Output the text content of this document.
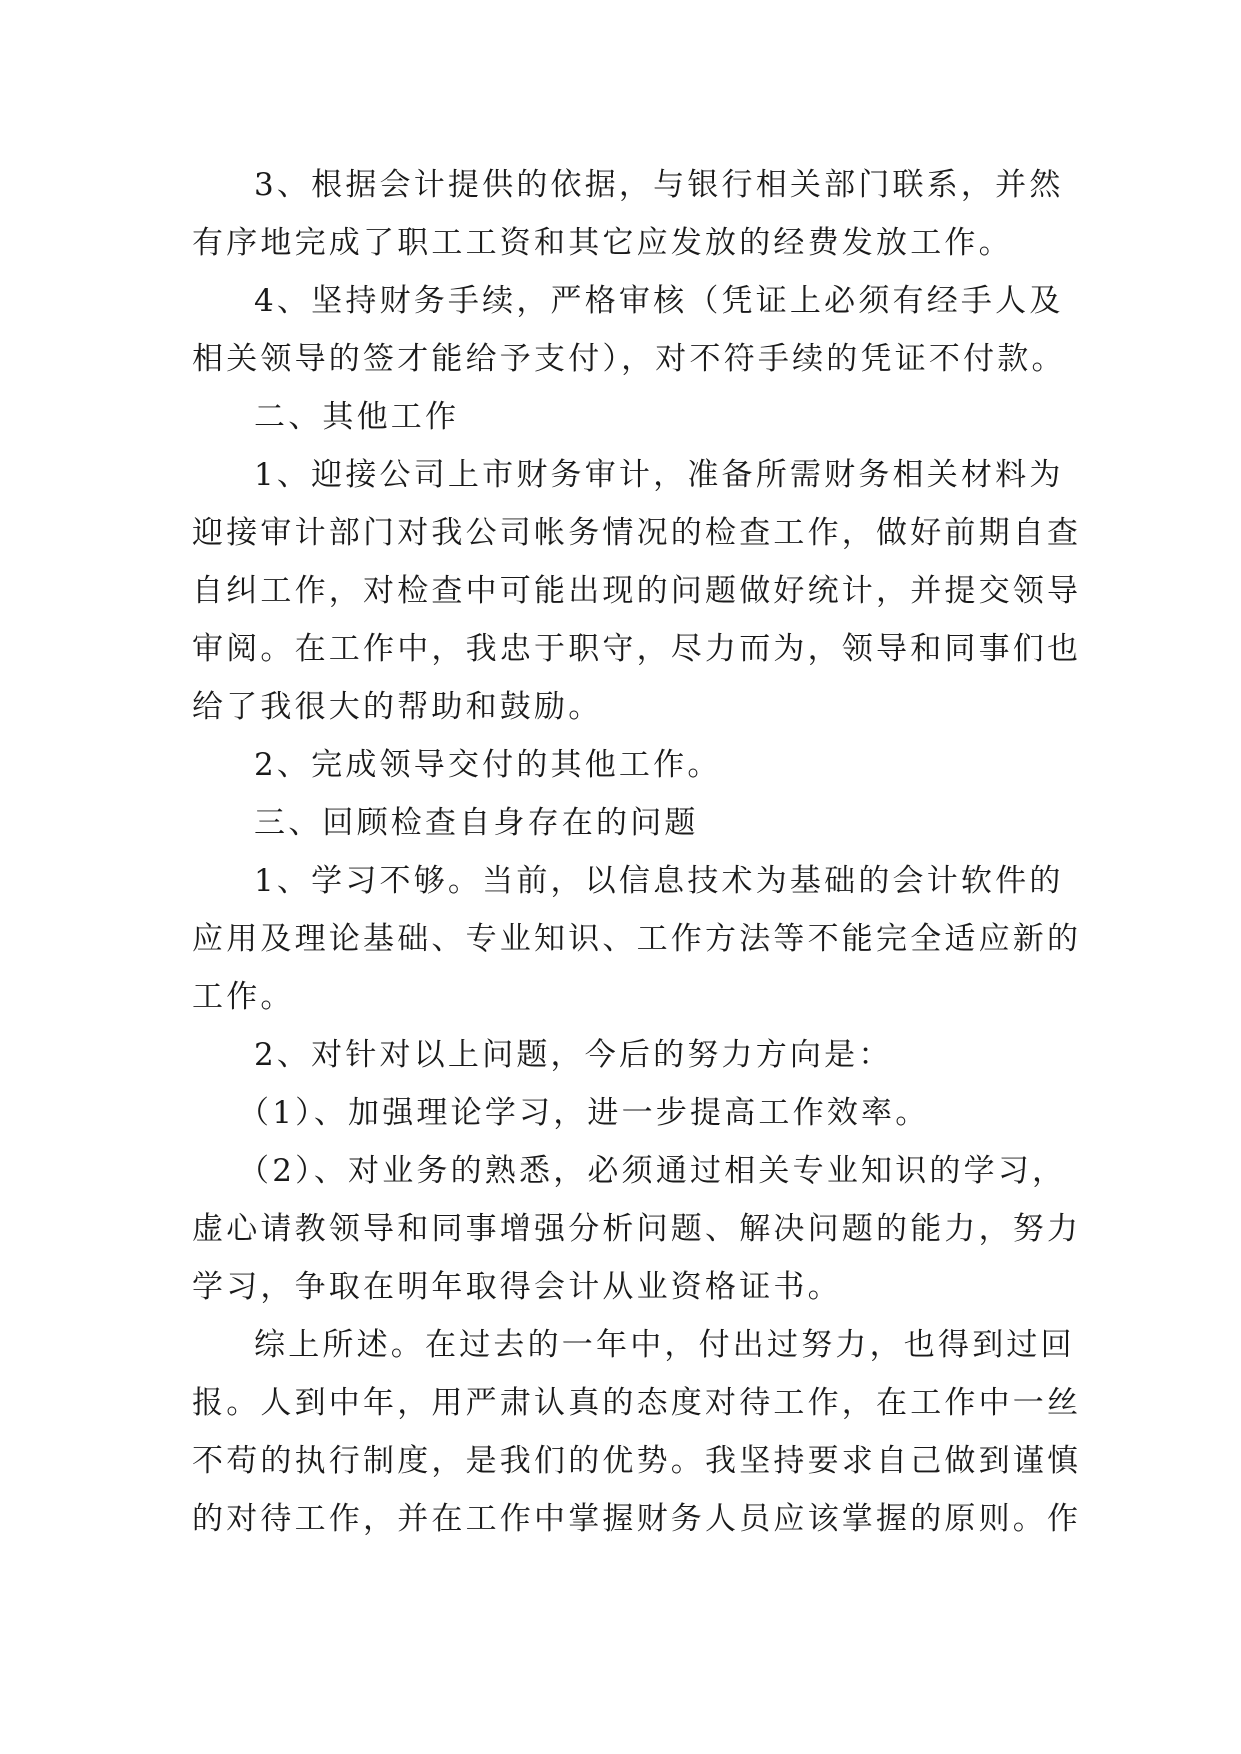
3、根据会计提供的依据，与银行相关部门联系，并然
有序地完成了职工工资和其它应发放的经费发放工作。
4、坚持财务手续，严格审核（凭证上必须有经手人及
相关领导的签才能给予支付），对不符手续的凭证不付款。
二、其他工作
1、迎接公司上市财务审计，准备所需财务相关材料为
迎接审计部门对我公司帐务情况的检查工作，做好前期自查
自纠工作，对检查中可能出现的问题做好统计，并提交领导
审阅。在工作中，我忠于职守，尽力而为，领导和同事们也
给了我很大的帮助和鼓励。
2、完成领导交付的其他工作。
三、回顾检查自身存在的问题
1、学习不够。当前，以信息技术为基础的会计软件的
应用及理论基础、专业知识、工作方法等不能完全适应新的
工作。
2、对针对以上问题，今后的努力方向是：
（1）、加强理论学习，进一步提高工作效率。
（2）、对业务的熟悉，必须通过相关专业知识的学习，
虚心请教领导和同事增强分析问题、解决问题的能力，努力
学习，争取在明年取得会计从业资格证书。
综上所述。在过去的一年中，付出过努力，也得到过回
报。人到中年，用严肃认真的态度对待工作，在工作中一丝
不苟的执行制度，是我们的优势。我坚持要求自己做到谨慎
的对待工作，并在工作中掌握财务人员应该掌握的原则。作
